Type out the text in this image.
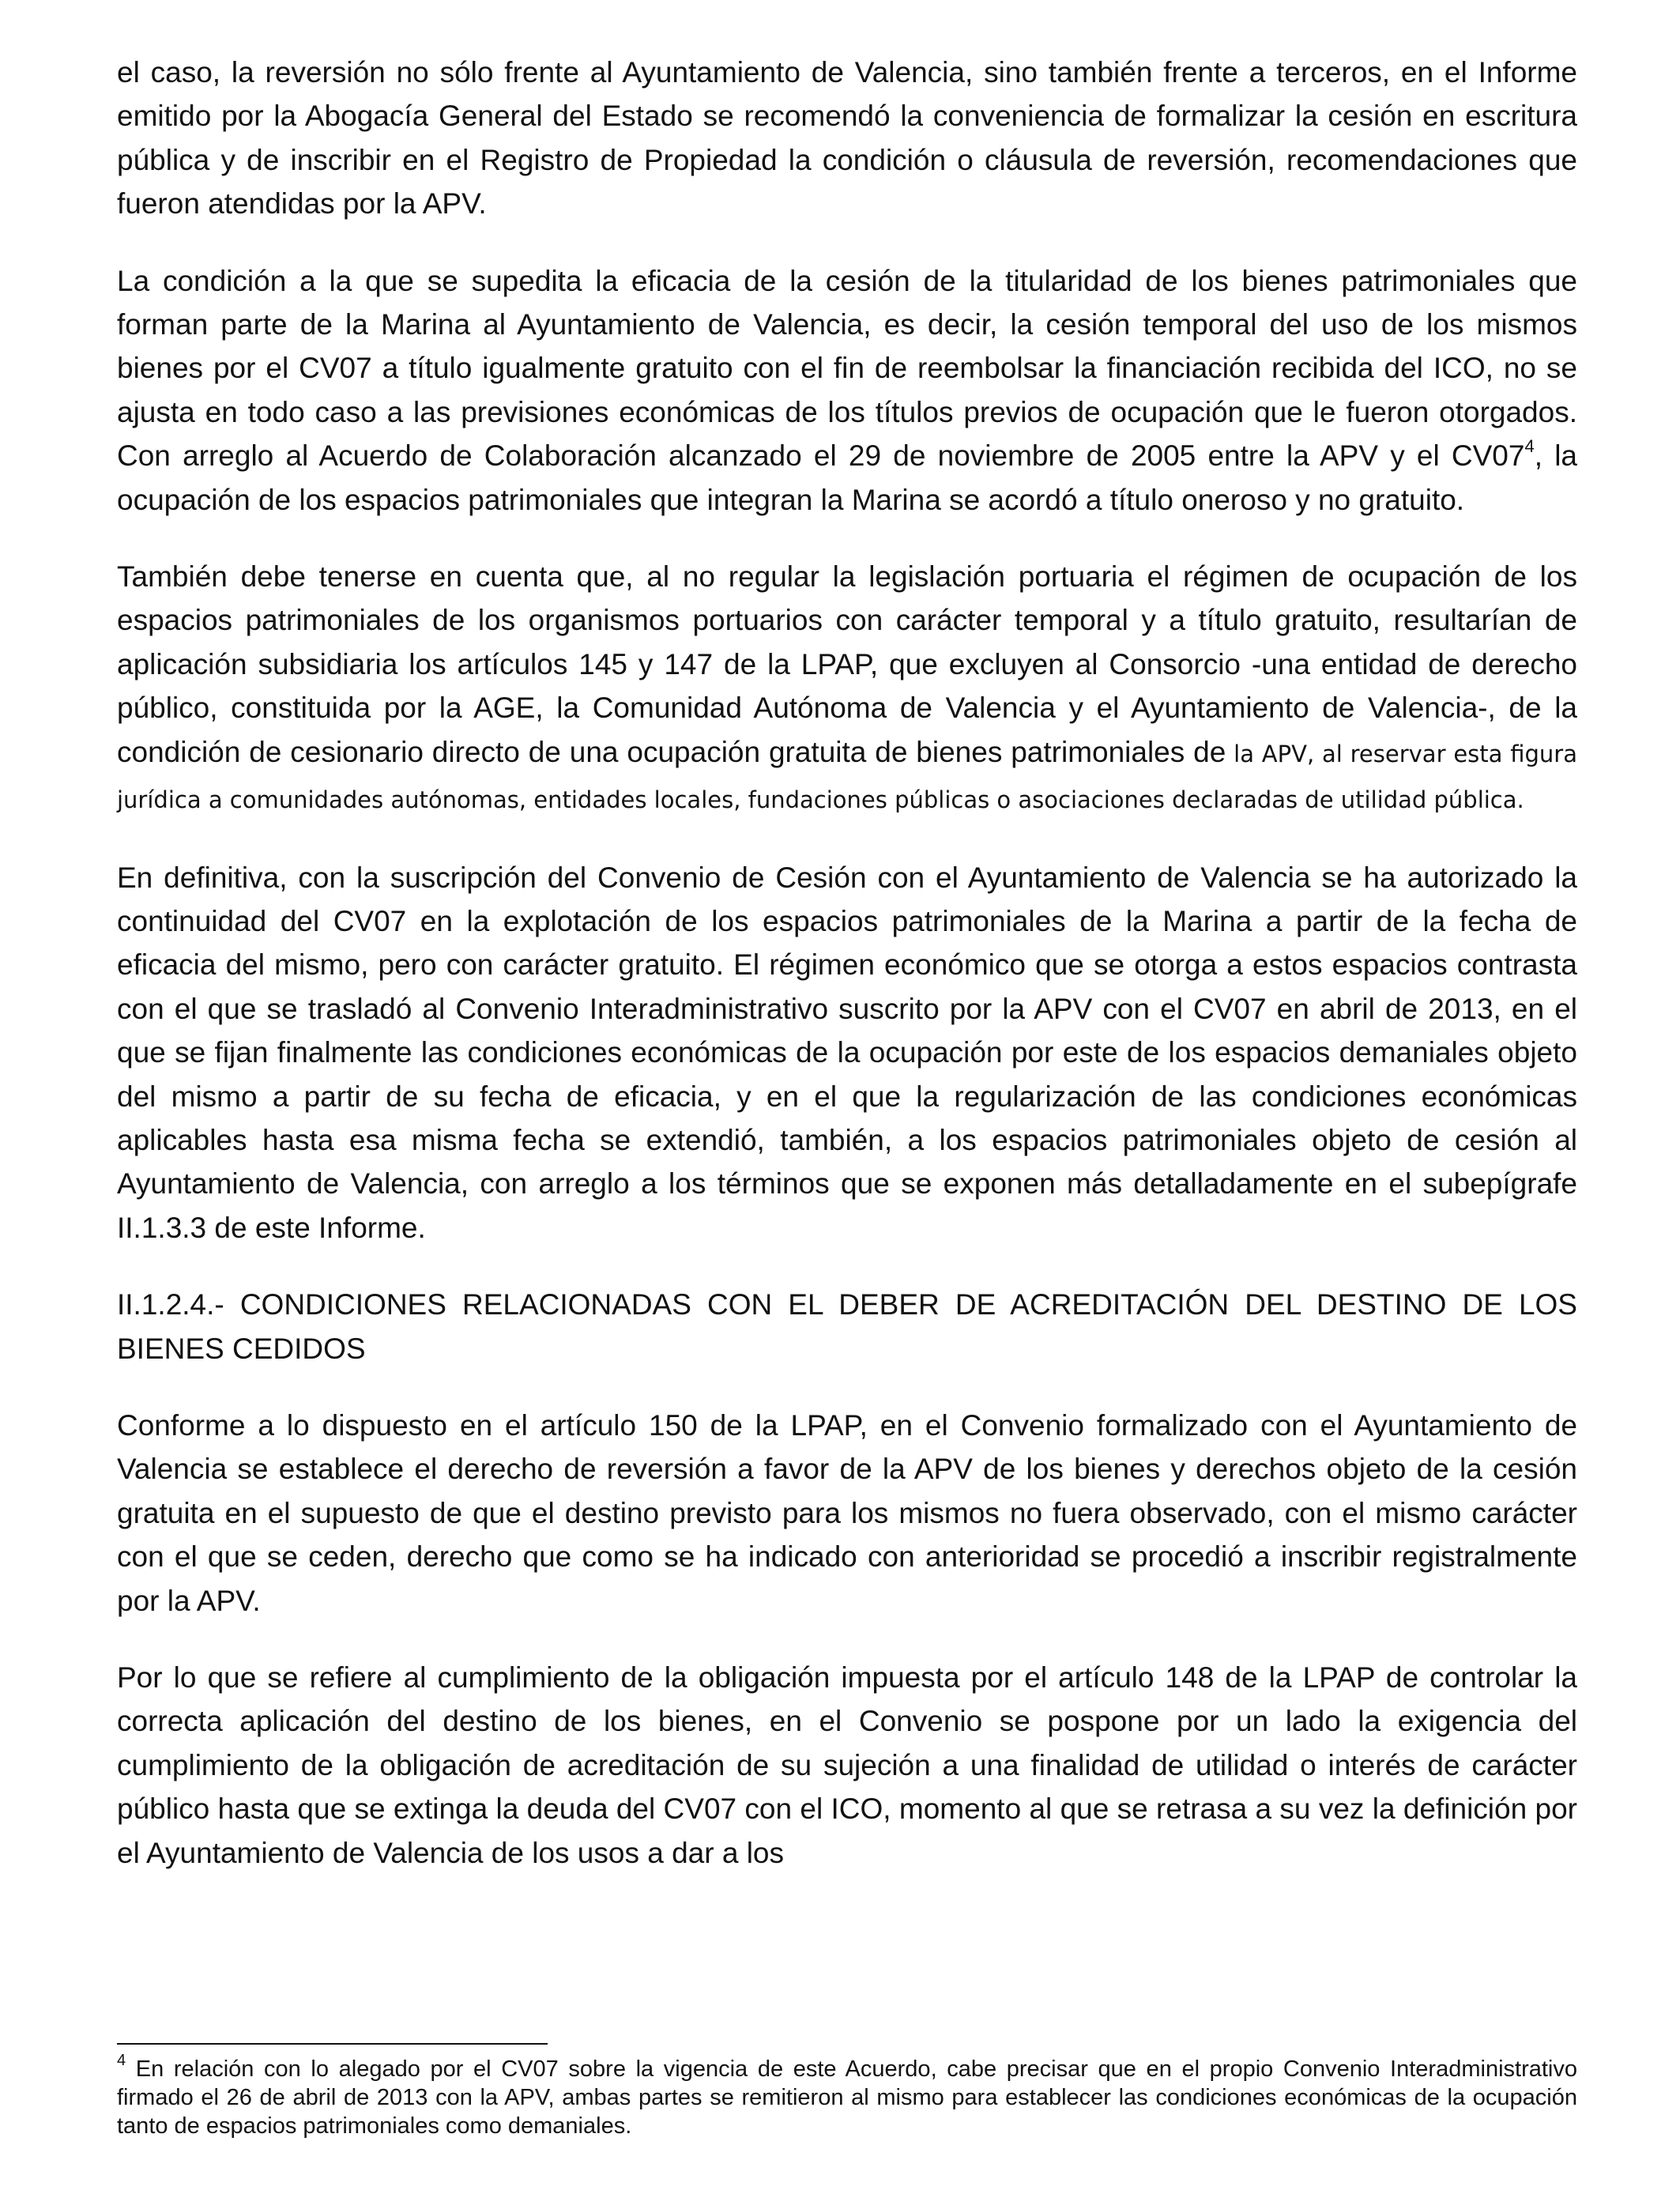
el caso, la reversión no sólo frente al Ayuntamiento de Valencia, sino también frente a terceros, en el Informe emitido por la Abogacía General del Estado se recomendó la conveniencia de formalizar la cesión en escritura pública y de inscribir en el Registro de Propiedad la condición o cláusula de reversión, recomendaciones que fueron atendidas por la APV.

La condición a la que se supedita la eficacia de la cesión de la titularidad de los bienes patrimoniales que forman parte de la Marina al Ayuntamiento de Valencia, es decir, la cesión temporal del uso de los mismos bienes por el CV07 a título igualmente gratuito con el fin de reembolsar la financiación recibida del ICO, no se ajusta en todo caso a las previsiones económicas de los títulos previos de ocupación que le fueron otorgados. Con arreglo al Acuerdo de Colaboración alcanzado el 29 de noviembre de 2005 entre la APV y el CV07$^4$, la ocupación de los espacios patrimoniales que integran la Marina se acordó a título oneroso y no gratuito.

También debe tenerse en cuenta que, al no regular la legislación portuaria el régimen de ocupación de los espacios patrimoniales de los organismos portuarios con carácter temporal y a título gratuito, resultarían de aplicación subsidiaria los artículos 145 y 147 de la LPAP, que excluyen al Consorcio -una entidad de derecho público, constituida por la AGE, la Comunidad Autónoma de Valencia y el Ayuntamiento de Valencia-, de la condición de cesionario directo de una ocupación gratuita de bienes patrimoniales de la APV, al reservar esta figura jurídica a comunidades autónomas, entidades locales, fundaciones públicas o asociaciones declaradas de utilidad pública.

En definitiva, con la suscripción del Convenio de Cesión con el Ayuntamiento de Valencia se ha autorizado la continuidad del CV07 en la explotación de los espacios patrimoniales de la Marina a partir de la fecha de eficacia del mismo, pero con carácter gratuito. El régimen económico que se otorga a estos espacios contrasta con el que se trasladó al Convenio Interadministrativo suscrito por la APV con el CV07 en abril de 2013, en el que se fijan finalmente las condiciones económicas de la ocupación por este de los espacios demaniales objeto del mismo a partir de su fecha de eficacia, y en el que la regularización de las condiciones económicas aplicables hasta esa misma fecha se extendió, también, a los espacios patrimoniales objeto de cesión al Ayuntamiento de Valencia, con arreglo a los términos que se exponen más detalladamente en el subepígrafe II.1.3.3 de este Informe.

II.1.2.4.- CONDICIONES RELACIONADAS CON EL DEBER DE ACREDITACIÓN DEL DESTINO DE LOS BIENES CEDIDOS

Conforme a lo dispuesto en el artículo 150 de la LPAP, en el Convenio formalizado con el Ayuntamiento de Valencia se establece el derecho de reversión a favor de la APV de los bienes y derechos objeto de la cesión gratuita en el supuesto de que el destino previsto para los mismos no fuera observado, con el mismo carácter con el que se ceden, derecho que como se ha indicado con anterioridad se procedió a inscribir registralmente por la APV.

Por lo que se refiere al cumplimiento de la obligación impuesta por el artículo 148 de la LPAP de controlar la correcta aplicación del destino de los bienes, en el Convenio se pospone por un lado la exigencia del cumplimiento de la obligación de acreditación de su sujeción a una finalidad de utilidad o interés de carácter público hasta que se extinga la deuda del CV07 con el ICO, momento al que se retrasa a su vez la definición por el Ayuntamiento de Valencia de los usos a dar a los

$^4$ En relación con lo alegado por el CV07 sobre la vigencia de este Acuerdo, cabe precisar que en el propio Convenio Interadministrativo firmado el 26 de abril de 2013 con la APV, ambas partes se remitieron al mismo para establecer las condiciones económicas de la ocupación tanto de espacios patrimoniales como demaniales.
